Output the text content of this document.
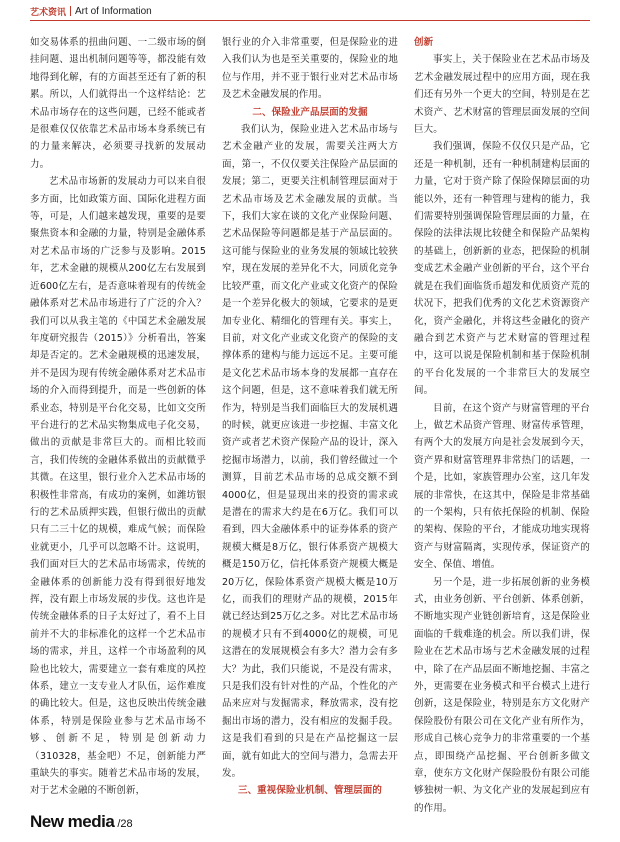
艺术资讯 Art of Information

如交易体系的扭曲问题、一二级市场的倒挂问题、退出机制问题等等，都没能有效地得到化解，有的方面甚至还有了新的积累。所以，人们就得出一个这样结论：艺术品市场存在的这些问题，已经不能或者是很难仅仅依靠艺术品市场本身系统已有的力量来解决，必须要寻找新的发展动力。

艺术品市场新的发展动力可以来自很多方面，比如政策方面、国际化进程方面等，可是，人们越来越发现，重要的是要聚焦资本和金融的力量，特别是金融体系对艺术品市场的广泛参与及影响。2015年，艺术金融的规模从200亿左右发展到近600亿左右，是否意味着现有的传统金融体系对艺术品市场进行了广泛的介入？我们可以从我主笔的《中国艺术金融发展年度研究报告（2015）》分析看出，答案却是否定的。艺术金融规模的迅速发展，并不是因为现有传统金融体系对艺术品市场的介入而得到提升，而是一些创新的体系业态，特别是平台化交易，比如文交所平台进行的艺术品实物集成电子化交易，做出的贡献是非常巨大的。而相比较而言，我们传统的金融体系做出的贡献微乎其微。在这里，银行业介入艺术品市场的积极性非常高，有成功的案例，如潍坊银行的艺术品质押实践，但银行做出的贡献只有二三十亿的规模，难成气候；而保险业就更小，几乎可以忽略不计。这说明，我们面对巨大的艺术品市场需求，传统的金融体系的创新能力没有得到很好地发挥，没有跟上市场发展的步伐。这也许是传统金融体系的日子太好过了，看不上目前并不大的非标准化的这样一个艺术品市场的需求，并且，这样一个市场盈利的风险也比较大，需要建立一套有难度的风控体系，建立一支专业人才队伍，运作难度的确比较大。但是，这也反映出传统金融体系，特别是保险业参与艺术品市场不够、创新不足，特别是创新动力（310328，基金吧）不足，创新能力严重缺失的事实。随着艺术品市场的发展，对于艺术金融的不断创新，

银行业的介入非常重要，但是保险业的进入我们认为也是至关重要的，保险业的地位与作用，并不亚于银行业对艺术品市场及艺术金融发展的作用。

二、保险业产品层面的发掘

我们认为，保险业进入艺术品市场与艺术金融产业的发展，需要关注两大方面，第一，不仅仅要关注保险产品层面的发展；第二，更要关注机制管理层面对于艺术品市场及艺术金融发展的贡献。当下，我们大家在谈的文化产业保险问题、艺术品保险等问题都是基于产品层面的。这可能与保险业的业务发展的领域比较狭窄，现在发展的差异化不大，同质化竞争比较严重，而文化产业或文化资产的保险是一个差异化极大的领域，它要求的是更加专业化、精细化的管理有关。事实上，目前，对文化产业或文化资产的保险的支撑体系的建构与能力远远不足。主要可能是文化艺术品市场本身的发展都一直存在这个问题，但是，这不意味着我们就无所作为，特别是当我们面临巨大的发展机遇的时候，就更应该进一步挖掘、丰富文化资产或者艺术资产保险产品的设计，深入挖掘市场潜力，以前，我们曾经做过一个测算，目前艺术品市场的总成交额不到4000亿，但是显现出来的投资的需求或是潜在的需求大约是在6万亿。我们可以看到，四大金融体系中的证券体系的资产规模大概是8万亿，银行体系资产规模大概是150万亿，信托体系资产规模大概是20万亿，保险体系资产规模大概是10万亿，而我们的理财产品的规模，2015年就已经达到25万亿之多。对比艺术品市场的规模才只有不到4000亿的规模，可见这潜在的发展规模会有多大？潜力会有多大？为此，我们只能说，不是没有需求，只是我们没有针对性的产品，个性化的产品来应对与发掘需求，释放需求，没有挖掘出市场的潜力，没有相应的发掘手段。这是我们看到的只是在产品挖掘这一层面，就有如此大的空间与潜力，急需去开发。

三、重视保险业机制、管理层面的

创新

事实上，关于保险业在艺术品市场及艺术金融发展过程中的应用方面，现在我们还有另外一个更大的空间，特别是在艺术资产、艺术财富的管理层面发展的空间巨大。

我们强调，保险不仅仅只是产品，它还是一种机制，还有一种机制建构层面的力量，它对于资产除了保险保障层面的功能以外，还有一种管理与建构的能力，我们需要特别强调保险管理层面的力量，在保险的法律法规比较健全和保险产品架构的基础上，创新新的业态，把保险的机制变成艺术金融产业创新的平台，这个平台就是在我们面临货币超发和优质资产荒的状况下，把我们优秀的文化艺术资源资产化，资产金融化，并将这些金融化的资产融合到艺术资产与艺术财富的管理过程中，这可以说是保险机制和基于保险机制的平台化发展的一个非常巨大的发展空间。

目前，在这个资产与财富管理的平台上，做艺术品资产管理、财富传承管理，有两个大的发展方向是社会发展到今天，资产界和财富管理界非常热门的话题，一个是，比如，家族管理办公室，这几年发展的非常快，在这其中，保险是非常基础的一个架构，只有依托保险的机制、保险的架构、保险的平台，才能成功地实现将资产与财富隔离，实现传承，保证资产的安全、保值、增值。

另一个是，进一步拓展创新的业务模式，由业务创新、平台创新、体系创新，不断地实现产业链创新培育，这是保险业面临的千载难逢的机会。所以我们讲，保险业在艺术品市场与艺术金融发展的过程中，除了在产品层面不断地挖掘、丰富之外，更需要在业务模式和平台模式上进行创新，这是保险业，特别是东方文化财产保险股份有限公司在文化产业有所作为，形成自己核心竞争力的非常重要的一个基点，即围绕产品挖掘、平台创新多做文章，使东方文化财产保险股份有限公司能够独树一帜、为文化产业的发展起到应有的作用。

New media /28
